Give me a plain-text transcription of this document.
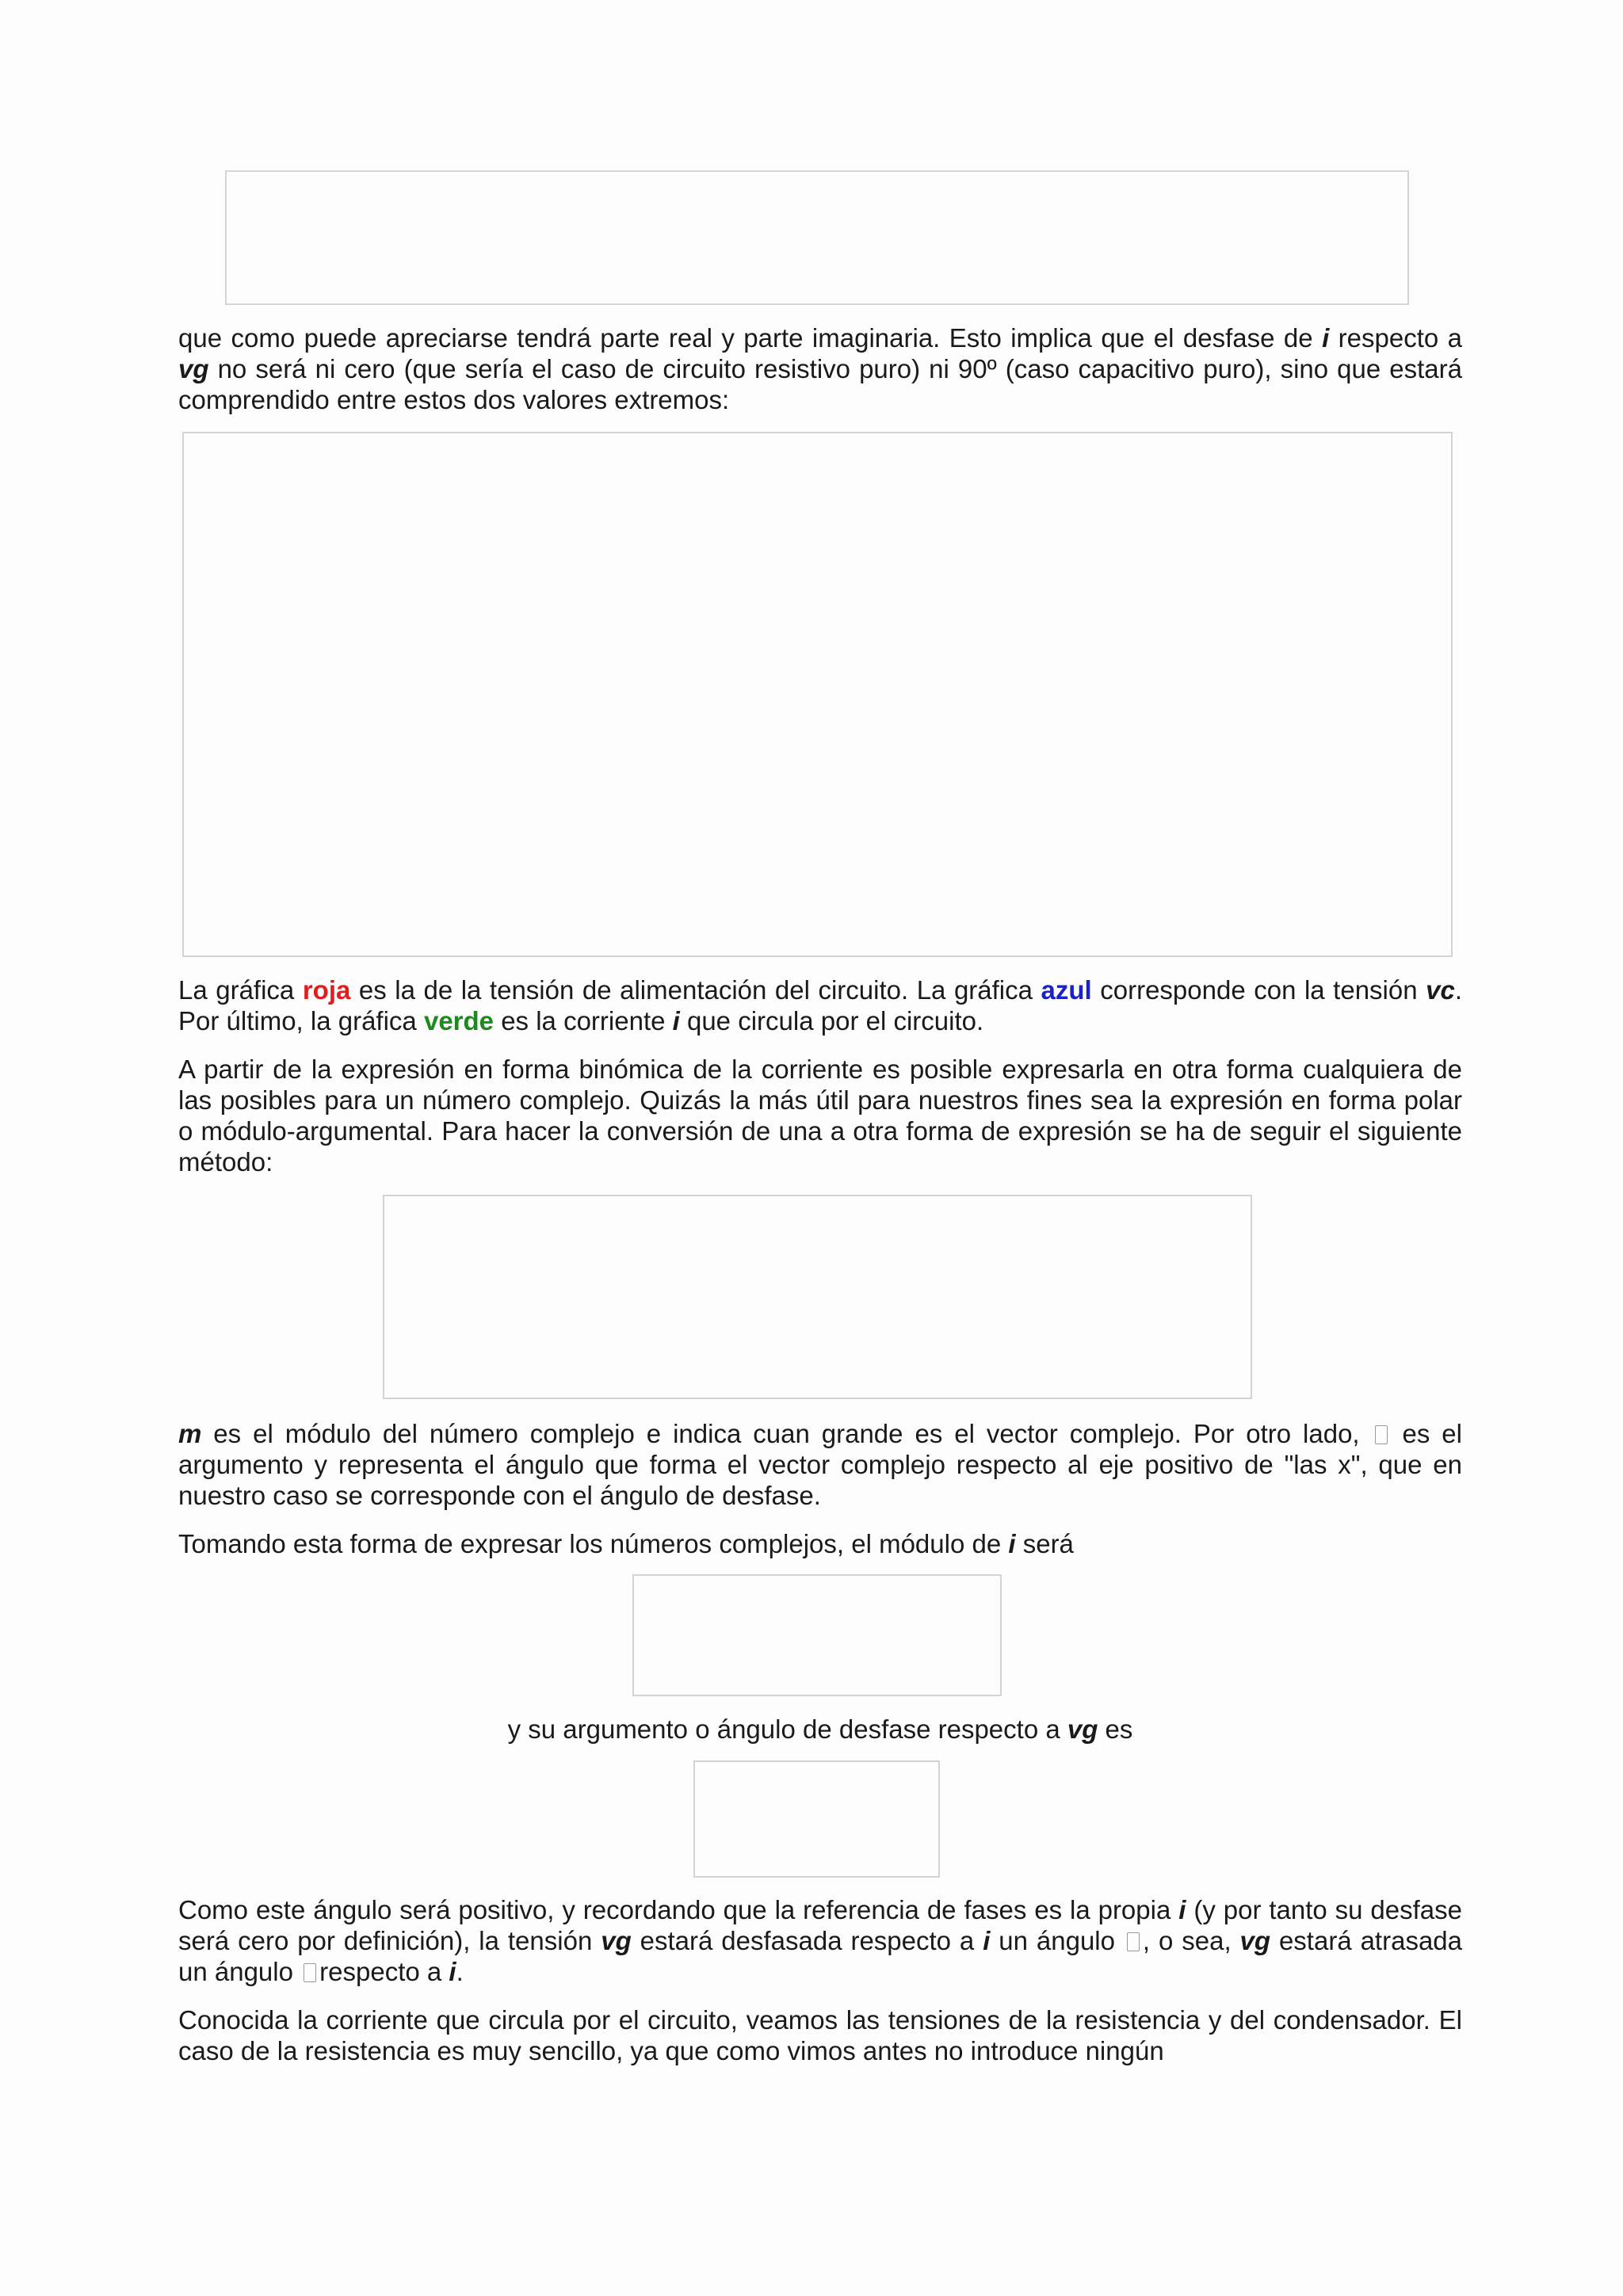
que como puede apreciarse tendrá parte real y parte imaginaria. Esto implica que el desfase de i respecto a vg no será ni cero (que sería el caso de circuito resistivo puro) ni 90º (caso capacitivo puro), sino que estará comprendido entre estos dos valores extremos:

La gráfica roja es la de la tensión de alimentación del circuito. La gráfica azul corresponde con la tensión vc. Por último, la gráfica verde es la corriente i que circula por el circuito.

A partir de la expresión en forma binómica de la corriente es posible expresarla en otra forma cualquiera de las posibles para un número complejo. Quizás la más útil para nuestros fines sea la expresión en forma polar o módulo-argumental. Para hacer la conversión de una a otra forma de expresión se ha de seguir el siguiente método:

m es el módulo del número complejo e indica cuan grande es el vector complejo. Por otro lado,  es el argumento y representa el ángulo que forma el vector complejo respecto al eje positivo de "las x", que en nuestro caso se corresponde con el ángulo de desfase.

Tomando esta forma de expresar los números complejos, el módulo de i será

y su argumento o ángulo de desfase respecto a vg es

Como este ángulo será positivo, y recordando que la referencia de fases es la propia i (y por tanto su desfase será cero por definición), la tensión vg estará desfasada respecto a i un ángulo , o sea, vg estará atrasada un ángulo respecto a i.

Conocida la corriente que circula por el circuito, veamos las tensiones de la resistencia y del condensador. El caso de la resistencia es muy sencillo, ya que como vimos antes no introduce ningún
